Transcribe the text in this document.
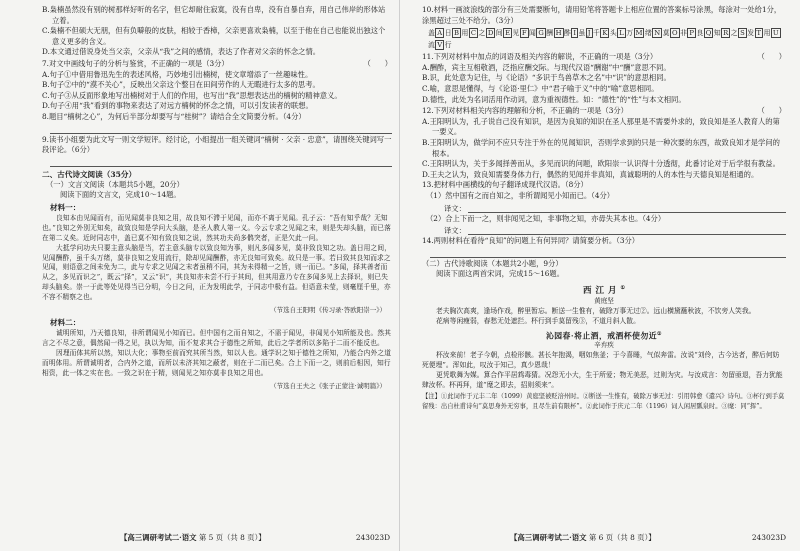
B.枭楠虽然没有别的树那样好听的名字，但它却耐住寂寞，没有自卑，没有自暴自弃，用自己伟岸的形体站立着。

C.枭楠不但硕大无朋，但有负噼般的皮肤，相较于香樟，父亲更喜欢枭楠，以至于他在自己也能说出独这个意义更多的含义。

D.本文通过借说身处当父亲，父亲从“我”之间的感情，表达了作者对父亲的怀念之情。

7.对文中画线句子的分析与鉴赏，不正确的一项是（3分）	（      ）

A.句子①中借用鲁迅先生的表述风格，巧妙地引出楠树，使文章增添了一丝趣味性。

B.句子②中的“漠不关心”，反映出父亲这个整日在田间劳作的人无暇进行太多的思考。

C.句子③从反面形象地写出楠树对于人们的作用，也写出“我”思想表达出的楠树的精神意义。

D.句子④用“我”看到的事物来表达了对远方楠树的怀念之情，可以引发读者的联想。

8.题目“楠树之心”，为何后半部分却要写与“桂树”？请结合全文简要分析。（4分）

9.读书小组要为此文写一则文学短评。经讨论，小组提出一组关键词“楠树 · 父亲 · 忠意”，请围绕关键词写一段评论。（6分）

二、古代诗文阅读（35分）

（一）文言文阅读（本题共5小题，20分）

阅读下面的文言文，完成10～14题。

材料一：

良知本由见闻而有，而见闻莫非良知之用，故良知不滞于见闻，而亦不离于见闻。孔子云：“吾有知乎哉？无知也。”良知之外别无知矣，故致良知是学问大头脑，是圣人教人第一义。今云专求之见闻之末，则是失却头脑，而已落在第二义矣。近时同志中，盖已莫不知有致良知之说，然其功夫尚多鹘突者，正是欠此一问。

大抵学问功夫只要主意头脑是当，若主意头脑专以致良知为事，则凡多闻多见，莫非致良知之功。盖日用之间，见闻酬酢，虽千头万绪，莫非良知之发用流行，除却见闻酬酢，亦无良知可致矣。故只是一事。若曰致其良知而求之见闻，则语意之间未免为二，此与专求之见闻之末者虽稍不同，其为未得精一之旨，则一而已。“多闻，择其善者而从之，多见而识之”，既云“择”，又云“识”，其良知亦未尝不行于其间，但其用意乃专在多闻多见上去择识，则已失却头脑矣。崇一于此等处见得当已分明，今日之问，正为发明此学，于同志中极有益。但语意未莹，则毫厘千里，亦不容不精察之也。

（节选自王阳明《传习录·答欧阳崇一》）

材料二：

诚明所知，乃天德良知，非所谓闻见小知而已。但中国有之而自知之，不需于闻见，非闻见小知所能及也。然其言之不尽之意，偶然闻一得之见，执以为知，而不复求其合于德性之所知，此后之学者所以多陷于二而不能反也。

因理而体其所以然，知以大化；事物至前而究其所当然，知以人也。通学识之知于德性之所知，乃能合内外之道而明体用。所谓诚明者，合内外之道，而所以未济其知之蔽者，则在于二而已矣。合上下而一之，则前后相因，知行相资，此一体之实在也。一致之识在于精，则闻见之知亦莫非良知之用也。

（节选自王夫之《张子正蒙注·诚明篇》）

【高三调研考试二·语文 第 5 页（共 8 页）】	243023D

10.材料一画波浪线的部分有三处需要断句，请用铅笔将答题卡上相应位置的答案标号涂黑，每涂对一处给1分，涂黑超过三处不给分。（3分）

盖 A 日 B 用 C 之 D 间 E 见 F 闻 G 酬 H 酢 I 虽 J 千 K 头 L 万 M 绪 N 莫 O 非 P 良 Q 知 R 之 S 发 T 用 U流 V 行
11.下列对材料中加点的词语及相关内容的解说，不正确的一项是（3分）	（      ）

A.酬酢，宾主互相敬酒，泛指应酬交际。与现代汉语“酬谢”中“酬”意思不同。

B.识，此处意为记住，与《论语》“多识于鸟兽草木之名”中“识”的意思相同。

C.喻，意思是懂得，与《论语·里仁》中“君子喻于义”中的“喻”意思相同。

D.德性，此处为名词活用作动词，意为重视德性。如：“德性”的“性”与本文相同。

12.下列对材料相关内容的理解和分析，不正确的一项是（3分）	（      ）

A.王阳明认为，孔子说自己没有知识，是因为良知的知识在圣人那里是不需要外求的，致良知是圣人教育人的第一要义。

B.王阳明认为，做学问不应只专注于外在的见闻知识，否则学求到的只是一种次要的东西，故致良知才是学问的根本。

C.王阳明认为，关于多闻择善而从，多见而识的问题，欧阳崇一认识得十分透彻，此番讨论对于后学很有教益。

D.王夫之认为，致良知需要身体力行，偶然的见闻并非真知，真诚聪明的人的本性与天德良知是相通的。

13.把材料中画横线的句子翻译成现代汉语。（8分）

（1）然中国有之而自知之，非所谓闻见小知而已。（4分）

译文：

（2）合上下而一之，则非闻见之知，非事物之知，亦毋失其本也。（4分）

译文：

14.两则材料在看待“良知”的问题上有何异同？请简要分析。（3分）

（二）古代诗歌阅读（本题共2小题，9分）

阅读下面这两首宋词，完成15～16题。

西江月①

黄庭坚

老夫胸次高爽，逢场作戏，醉里暂忘。断送一生惟有，破除万事无过②。远山横黛蘸秋波，不饮旁人笑我。

花病等闲瘦弱，春愁无处遮拦。杯行到手莫留残③，不道月斜人散。

沁园春·将止酒，戒酒杯使勿近①

辛弃疾

杯汝来前！老子今朝，点检形骸。甚长年抱渴，咽如焦釜；于今喜睡，气似奔雷。汝说“刘伶，古今达者，醉后何妨死便埋”。浑如此，叹汝于知己，真少恩哉！

更凭歌舞为媒。算合作平居鸩毒猜。况怨无小大，生于所爱；物无美恶，过则为灾。与汝成言：勿留亟退，吾力犹能肆汝杯。杯再拜，道“麾之即去，招则须来”。

【注】①此词作于元丰二年（1099）黄庭坚被贬涪州时。②断送一生惟有，破除万事无过：引用韩愈《遣兴》诗句。③杯行到手莫留残：出自杜甫诗句“莫思身外无穷事，且尽生前有限杯”。②此词作于庆元二年（1196）词人闲居瓢泉时。③麾：同“挥”。

【高三调研考试二·语文 第 6 页（共 8 页）】	243023D
